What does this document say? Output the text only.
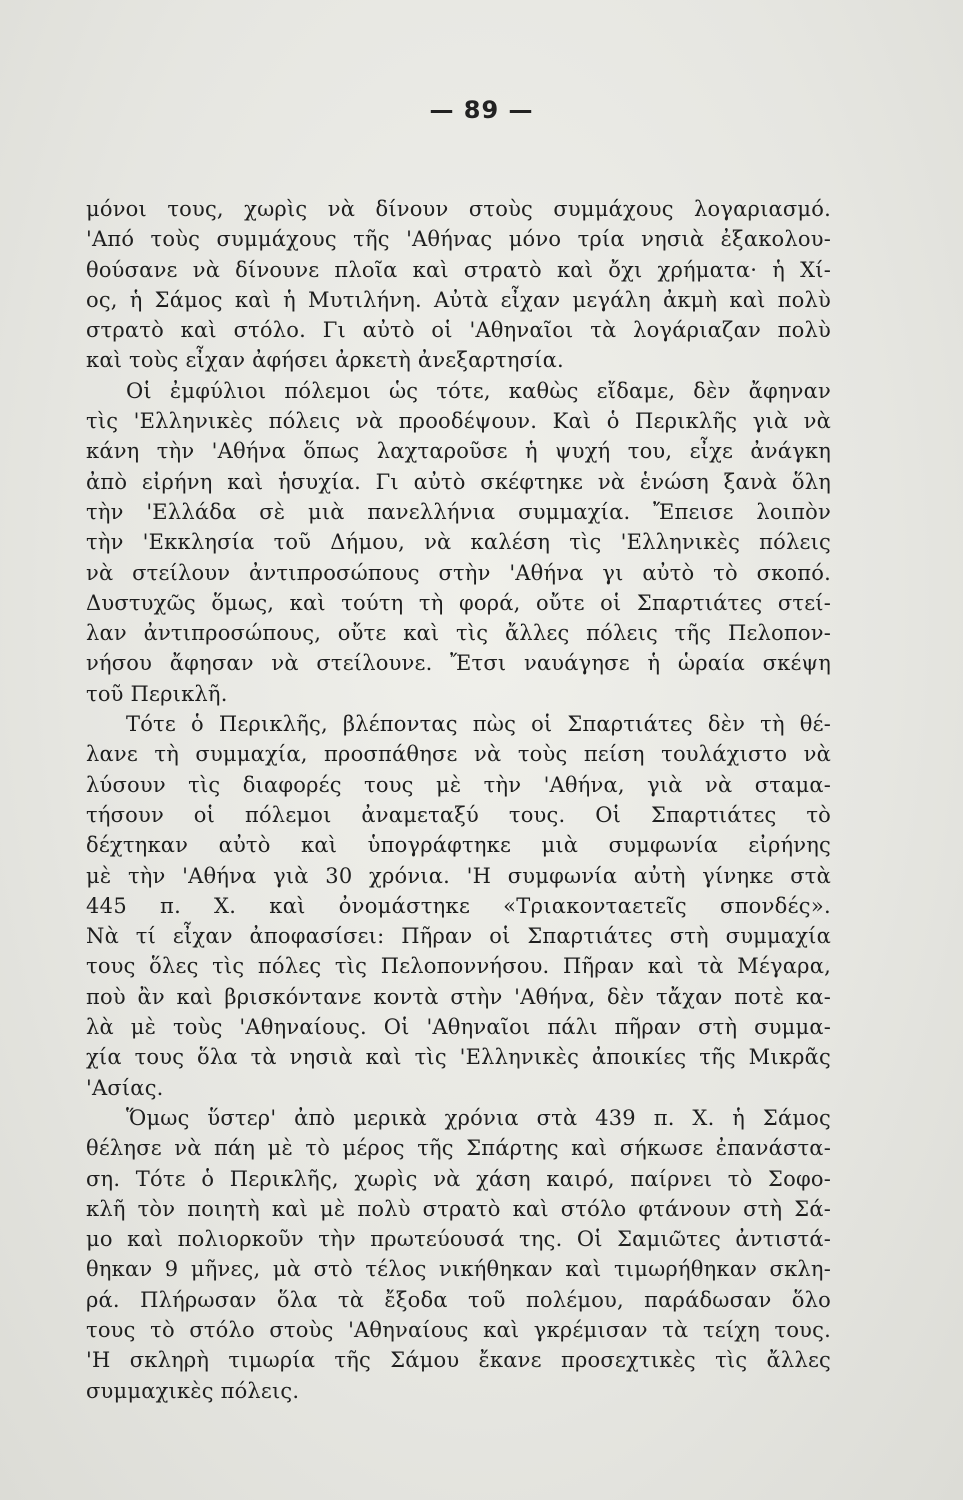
— 89 —
μόνοι τους, χωρὶς νὰ δίνουν στοὺς συμμάχους λογαριασμό.
'Από τοὺς συμμάχους τῆς 'Αθήνας μόνο τρία νησιὰ ἐξακολου-
θούσανε νὰ δίνουνε πλοῖα καὶ στρατὸ καὶ ὄχι χρήματα· ἡ Χί-
ος, ἡ Σάμος καὶ ἡ Μυτιλήνη. Αὐτὰ εἶχαν μεγάλη ἀκμὴ καὶ πολὺ
στρατὸ καὶ στόλο. Γι αὐτὸ οἱ 'Αθηναῖοι τὰ λογάριαζαν πολὺ
καὶ τοὺς εἶχαν ἀφήσει ἀρκετὴ ἀνεξαρτησία.
Οἱ ἐμφύλιοι πόλεμοι ὡς τότε, καθὼς εἴδαμε, δὲν ἄφηναν
τὶς 'Ελληνικὲς πόλεις νὰ προοδέψουν. Καὶ ὁ Περικλῆς γιὰ νὰ
κάνη τὴν 'Αθήνα ὅπως λαχταροῦσε ἡ ψυχή του, εἶχε ἀνάγκη
ἀπὸ εἰρήνη καὶ ἡσυχία. Γι αὐτὸ σκέφτηκε νὰ ἑνώση ξανὰ ὅλη
τὴν 'Ελλάδα σὲ μιὰ πανελλήνια συμμαχία. Ἔπεισε λοιπὸν
τὴν 'Εκκλησία τοῦ Δήμου, νὰ καλέση τὶς 'Ελληνικὲς πόλεις
νὰ στείλουν ἀντιπροσώπους στὴν 'Αθήνα γι αὐτὸ τὸ σκοπό.
Δυστυχῶς ὅμως, καὶ τούτη τὴ φορά, οὔτε οἱ Σπαρτιάτες στεί-
λαν ἀντιπροσώπους, οὔτε καὶ τὶς ἄλλες πόλεις τῆς Πελοπον-
νήσου ἄφησαν νὰ στείλουνε. Ἔτσι ναυάγησε ἡ ὡραία σκέψη
τοῦ Περικλῆ.
Τότε ὁ Περικλῆς, βλέποντας πὼς οἱ Σπαρτιάτες δὲν τὴ θέ-
λανε τὴ συμμαχία, προσπάθησε νὰ τοὺς πείση τουλάχιστο νὰ
λύσουν τὶς διαφορές τους μὲ τὴν 'Αθήνα, γιὰ νὰ σταμα-
τήσουν οἱ πόλεμοι ἀναμεταξύ τους. Οἱ Σπαρτιάτες τὸ
δέχτηκαν αὐτὸ καὶ ὑπογράφτηκε μιὰ συμφωνία εἰρήνης
μὲ τὴν 'Αθήνα γιὰ 30 χρόνια. 'Η συμφωνία αὐτὴ γίνηκε στὰ
445 π. Χ. καὶ ὀνομάστηκε «Τριακονταετεῖς σπονδές».
Νὰ τί εἶχαν ἀποφασίσει: Πῆραν οἱ Σπαρτιάτες στὴ συμμαχία
τους ὅλες τὶς πόλες τὶς Πελοποννήσου. Πῆραν καὶ τὰ Μέγαρα,
ποὺ ἂν καὶ βρισκόντανε κοντὰ στὴν 'Αθήνα, δὲν τἄχαν ποτὲ κα-
λὰ μὲ τοὺς 'Αθηναίους. Οἱ 'Αθηναῖοι πάλι πῆραν στὴ συμμα-
χία τους ὅλα τὰ νησιὰ καὶ τὶς 'Ελληνικὲς ἀποικίες τῆς Μικρᾶς
'Ασίας.
Ὅμως ὕστερ' ἀπὸ μερικὰ χρόνια στὰ 439 π. Χ. ἡ Σάμος
θέλησε νὰ πάη μὲ τὸ μέρος τῆς Σπάρτης καὶ σήκωσε ἐπανάστα-
ση. Τότε ὁ Περικλῆς, χωρὶς νὰ χάση καιρό, παίρνει τὸ Σοφο-
κλῆ τὸν ποιητὴ καὶ μὲ πολὺ στρατὸ καὶ στόλο φτάνουν στὴ Σά-
μο καὶ πολιορκοῦν τὴν πρωτεύουσά της. Οἱ Σαμιῶτες ἀντιστά-
θηκαν 9 μῆνες, μὰ στὸ τέλος νικήθηκαν καὶ τιμωρήθηκαν σκλη-
ρά. Πλήρωσαν ὅλα τὰ ἔξοδα τοῦ πολέμου, παράδωσαν ὅλο
τους τὸ στόλο στοὺς 'Αθηναίους καὶ γκρέμισαν τὰ τείχη τους.
'Η σκληρὴ τιμωρία τῆς Σάμου ἔκανε προσεχτικὲς τὶς ἄλλες
συμμαχικὲς πόλεις.
